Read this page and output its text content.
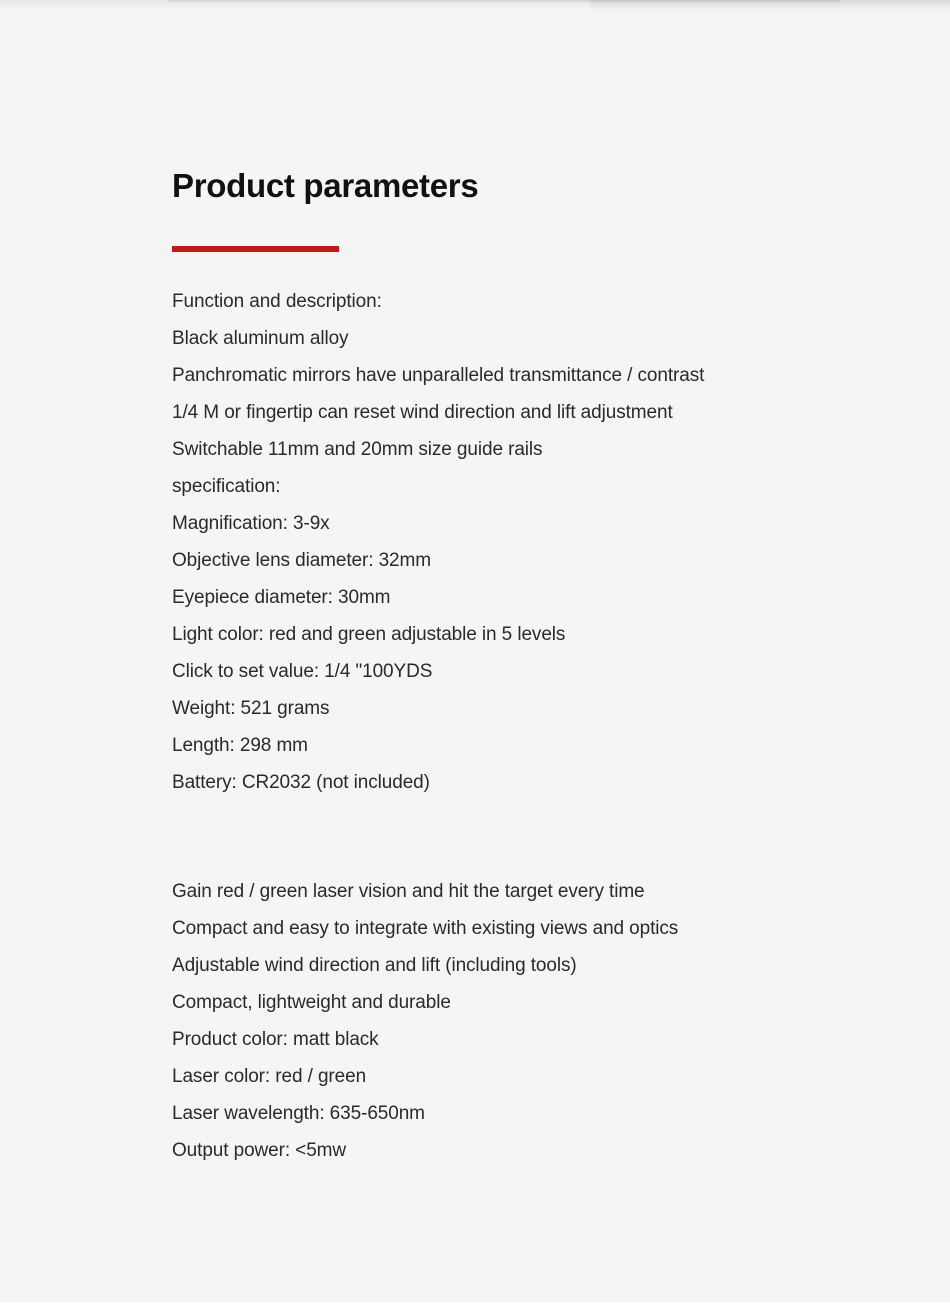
Product parameters
Function and description:
Black aluminum alloy
Panchromatic mirrors have unparalleled transmittance / contrast
1/4 M or fingertip can reset wind direction and lift adjustment
Switchable 11mm and 20mm size guide rails
specification:
Magnification: 3-9x
Objective lens diameter: 32mm
Eyepiece diameter: 30mm
Light color: red and green adjustable in 5 levels
Click to set value: 1/4 "100YDS
Weight: 521 grams
Length: 298 mm
Battery: CR2032 (not included)
Gain red / green laser vision and hit the target every time
Compact and easy to integrate with existing views and optics
Adjustable wind direction and lift (including tools)
Compact, lightweight and durable
Product color: matt black
Laser color: red / green
Laser wavelength: 635-650nm
Output power: <5mw
